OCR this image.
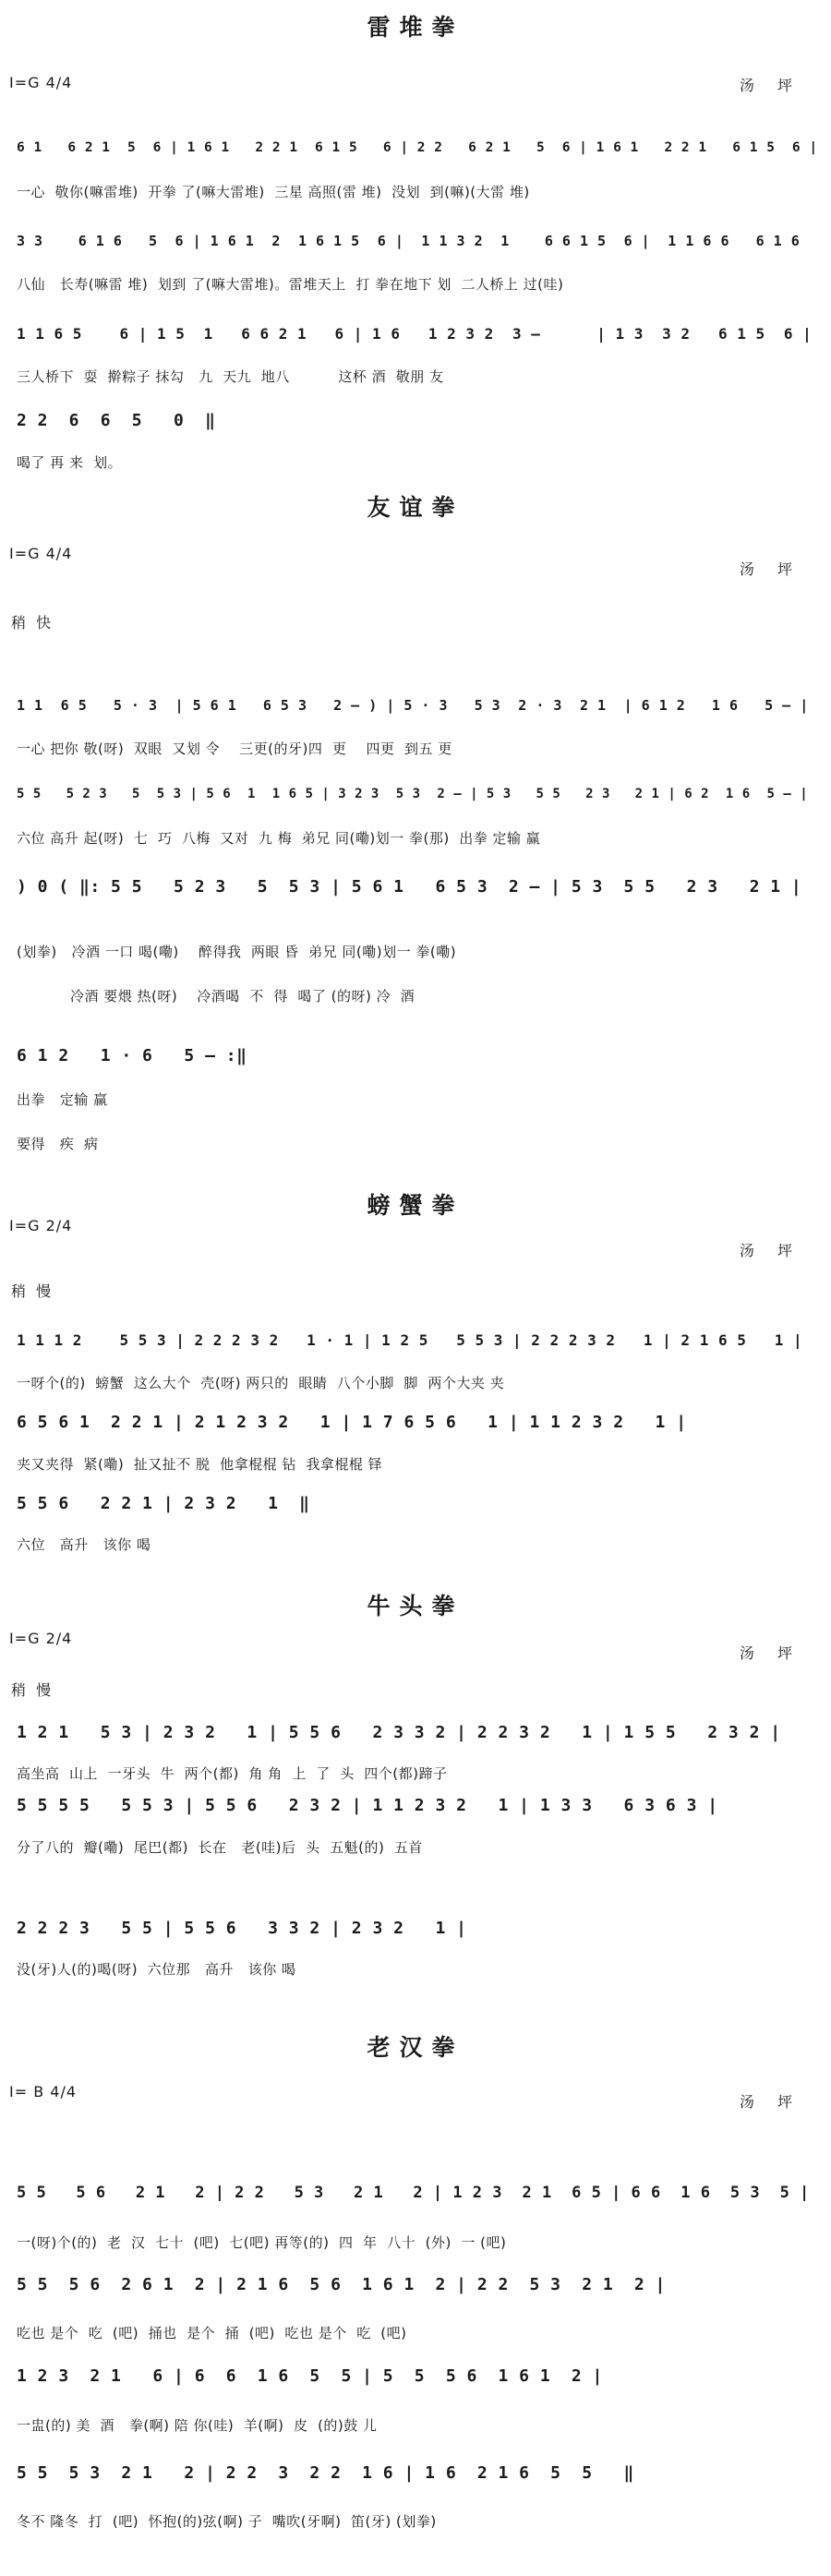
雷堆拳
I=G 4/4	汤 坪
6 1   6 2 1  5  6 | 1 6 1   2 2 1  6 1 5   6 | 2 2   6 2 1   5  6 | 1 6 1   2 2 1   6 1 5  6 |
一心  敬你(嘛雷堆)  开拳 了(嘛大雷堆)  三星 高照(雷 堆)  没划  到(嘛)(大雷 堆)
3 3    6 1 6   5  6 | 1 6 1  2  1 6 1 5  6 |  1 1 3 2  1    6 6 1 5  6 |  1 1 6 6   6 1 6
八仙   长寿(嘛雷 堆)  划到 了(嘛大雷堆)。雷堆天上  打 拳在地下 划  二人桥上 过(哇)
1 1 6 5    6 | 1 5  1   6 6 2 1   6 | 1 6   1 2 3 2  3 —      | 1 3  3 2   6 1 5  6 |
三人桥下  耍  擀粽子 抹勾   九  天九  地八          这杯 酒  敬朋 友
2 2  6  6  5   0  ‖
喝了 再 来  划。
友谊拳
I=G 4/4
汤 坪
稍 快
1 1  6 5   5 · 3  | 5 6 1   6 5 3   2 — ) | 5 · 3   5 3  2 · 3  2 1  | 6 1 2   1 6   5 — |
一心 把你 敬(呀)  双眼  又划 令    三更(的牙)四  更    四更  到五 更
5 5   5 2 3   5  5 3 | 5 6  1  1 6 5 | 3 2 3  5 3  2 — | 5 3   5 5   2 3   2 1 | 6 2  1 6  5 — |
六位 高升 起(呀)  七  巧  八梅  又对  九 梅  弟兄 同(嘞)划一 拳(那)  出拳 定输 赢
) 0 ( ‖: 5 5   5 2 3   5  5 3 | 5 6 1   6 5 3  2 — | 5 3  5 5   2 3   2 1 |
(划拳)   冷酒 一口 喝(嘞)    醉得我  两眼 昏  弟兄 同(嘞)划一 拳(嘞)
冷酒 要煨 热(呀)    冷酒喝  不  得  喝了 (的呀) 冷  酒
6 1 2   1 · 6   5 — :‖
出拳   定输 赢
要得   疾  病
螃蟹拳
I=G 2/4
汤 坪
稍 慢
1 1 1 2    5 5 3 | 2 2 2 3 2   1 · 1 | 1 2 5   5 5 3 | 2 2 2 3 2   1 | 2 1 6 5   1 |
一呀个(的)  螃蟹  这么大个  壳(呀) 两只的  眼睛  八个小脚  脚  两个大夹 夹
6 5 6 1  2 2 1 | 2 1 2 3 2   1 | 1 7 6 5 6   1 | 1 1 2 3 2   1 |
夹又夹得  紧(嘞)  扯又扯不 脱  他拿棍棍 钻  我拿棍棍 铎
5 5 6   2 2 1 | 2 3 2   1  ‖
六位   高升   该你 喝
牛头拳
I=G 2/4
汤 坪
稍 慢
1 2 1   5 3 | 2 3 2   1 | 5 5 6   2 3 3 2 | 2 2 3 2   1 | 1 5 5   2 3 2 |
高坐高  山上  一牙头  牛  两个(都)  角 角  上  了  头  四个(都)蹄子
5 5 5 5   5 5 3 | 5 5 6   2 3 2 | 1 1 2 3 2   1 | 1 3 3   6 3 6 3 |
分了八的  瓣(嘞)  尾巴(都)  长在   老(哇)后  头  五魁(的)  五首
2 2 2 3   5 5 | 5 5 6   3 3 2 | 2 3 2   1 |
没(牙)人(的)喝(呀)  六位那   高升   该你 喝
老汉拳
I= B 4/4
汤 坪
5 5   5 6   2 1   2 | 2 2   5 3   2 1   2 | 1 2 3  2 1  6 5 | 6 6  1 6  5 3  5 |
一(呀)个(的)  老  汉  七十  (吧)  七(吧) 再等(的)  四  年  八十  (外)  一 (吧)
5 5  5 6  2 6 1  2 | 2 1 6  5 6  1 6 1  2 | 2 2  5 3  2 1  2 |
吃也 是个  吃  (吧)  捅也  是个  捅  (吧)  吃也 是个  吃  (吧)
1 2 3  2 1   6 | 6  6  1 6  5  5 | 5  5  5 6  1 6 1  2 |
一盅(的) 美  酒   拳(啊) 陪 你(哇)  羊(啊)  皮  (的)鼓 儿
5 5  5 3  2 1   2 | 2 2  3  2 2  1 6 | 1 6  2 1 6  5  5   ‖
冬不 隆冬  打  (吧)  怀抱(的)弦(啊) 子  嘴吹(牙啊)  笛(牙) (划拳)
